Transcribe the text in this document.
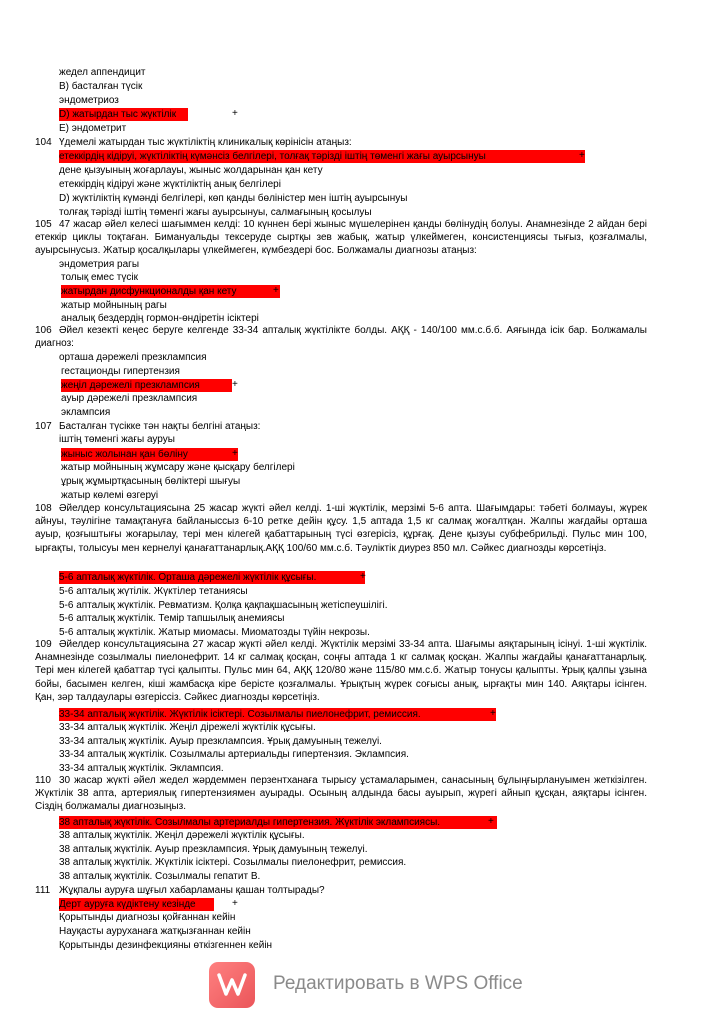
жедел аппендицит
В) басталған түсік
эндометриоз
D) жатырдан тыс жүктілік	+
Е) эндометрит
104 Үдемелі жатырдан тыс жүктіліктің клиникалық көрінісін атаңыз:
етеккірдің кідіруі, жүктіліктің күмәнсіз белгілері, толғақ тәрізді іштің төменгі жағы ауырсынуы	+
дене қызуының жоғарлауы, жыныс жолдарынан қан кету
етеккірдің кідіруі және жүктіліктің анық белгілері
D) жүктіліктің күмәнді белгілері, көп қанды бөліністер мен іштің ауырсынуы
толғақ тәрізді іштің төменгі жағы ауырсынуы, салмағының қосылуы
105 47 жасар әйел келесі шағыммен келді: 10 күннен бері жыныс мүшелерінен қанды бөлінудің болуы. Анамнезінде 2 айдан бері етеккір циклы тоқтаған. Бимануальды тексеруде сыртқы зев жабық, жатыр үлкеймеген, консистенциясы тығыз, қозғалмалы, ауырсынусыз. Жатыр қосалқылары үлкеймеген, күмбездері бос. Болжамалы диагнозы атаңыз:
эндометрия рагы
толық емес түсік
жатырдан дисфункционалды қан кету	+
жатыр мойнының рагы
аналық бездердің гормон-өндіретін ісіктері
106 Әйел кезекті кеңес беруге келгенде 33-34 апталық жүктілікте болды. АҚҚ - 140/100 мм.с.б.б. Аяғында ісік бар. Болжамалы диагноз:
орташа дәрежелі презклампсия
гестационды гипертензия
жеңіл дәрежелі презклампсия	+
ауыр дәрежелі презклампсия
эклампсия
107 Басталған түсікке тән нақты белгіні атаңыз:
іштің төменгі жағы ауруы
жыныс жолынан қан бөліну	+
жатыр мойнының жұмсару және қысқару белгілері
ұрық жұмыртқасының бөліктері шығуы
жатыр көлемі өзгеруі
108 Әйелдер консультациясына 25 жасар жүкті әйел келді. 1-ші жүктілік, мерзімі 5-6 апта. Шағымдары: тәбеті болмауы, жүрек айнуы, тәулігіне тамақтануға байланыссыз 6-10 ретке дейін құсу. 1,5 аптада 1,5 кг салмақ жоғалтқан. Жалпы жағдайы орташа ауыр, қозғыштығы жоғарылау, тері мен кілегей қабаттарының түсі өзгерісіз, құрғақ. Дене қызуы субфебрильді. Пульс мин 100, ырғақты, толысуы мен кернелуі қанағаттанарлық.АҚҚ 100/60 мм.с.б. Тәуліктік диурез 850 мл. Сәйкес диагнозды көрсетіңіз.
5-6 апталық жүктілік. Орташа дәрежелі жүктілік құсығы.	+
5-6 апталық жүтілік. Жүктілер тетаниясы
5-6 апталық жүктілік. Ревматизм. Қолқа қақпақшасының жетіспеушілігі.
5-6 апталық жүктілік. Темір тапшылық анемиясы
5-6 апталық жүктілік. Жатыр миомасы. Миоматозды түйін некрозы.
109 Әйелдер консультациясына 27 жасар жүкті әйел келді. Жүктілік мерзімі 33-34 апта. Шағымы аяқтарының ісінуі. 1-ші жүктілік. Анамнезінде созылмалы пиелонефрит. 14 кг салмақ қосқан, соңғы аптада 1 кг салмақ қосқан. Жалпы жағдайы қанағаттанарлық. Тері мен кілегей қабаттар түсі қалыпты. Пульс мин 64, АҚҚ 120/80 және 115/80 мм.с.б. Жатыр тонусы қалыпты. Ұрық қалпы ұзына бойы, басымен келген, кіші жамбасқа кіре берісте қозғалмалы. Ұрықтың жүрек соғысы анық, ырғақты мин 140. Аяқтары ісінген. Қан, зәр талдаулары өзгеріссіз. Сәйкес диагнозды көрсетіңіз.
33-34 апталық жүктілік. Жүктілік ісіктері. Созылмалы пиелонефрит, ремиссия.	+
33-34 апталық жүктілік. Жеңіл дірежелі жүктілік құсығы.
33-34 апталық жүктілік. Ауыр презклампсия. Ұрық дамуының тежелуі.
33-34 апталық жүктілік. Созылмалы артериальды гипертензия. Эклампсия.
33-34 апталық жүктілік. Эклампсия.
110 30 жасар жүкті әйел жедел жәрдеммен перзентханаға тырысу ұстамаларымен, санасының бұлыңғырлануымен жеткізілген. Жүктілік 38 апта, артериялық гипертензиямен ауырады. Осының алдында басы ауырып, жүрегі айнып құсқан, аяқтары ісінген. Сіздің болжамалы диагнозыңыз.
38 апталық жүктілік. Созылмалы артериалды гипертензия. Жүктілік эклампсиясы.	+
38 апталық жүктілік. Жеңіл дәрежелі жүктілік құсығы.
38 апталық жүктілік. Ауыр презклампсия. Ұрық дамуының тежелуі.
38 апталық жүктілік. Жүктілік ісіктері. Созылмалы пиелонефрит, ремиссия.
38 апталық жүктілік. Созылмалы гепатит В.
111 Жұқпалы ауруға шұғыл хабарламаны қашан толтырады?
Дерт ауруға күдіктену кезінде	+
Қорытынды диагнозы қойғаннан кейін
Науқасты ауруханаға жатқызғаннан кейін
Қорытынды дезинфекцияны өткізгеннен кейін
Редактировать в WPS Office
